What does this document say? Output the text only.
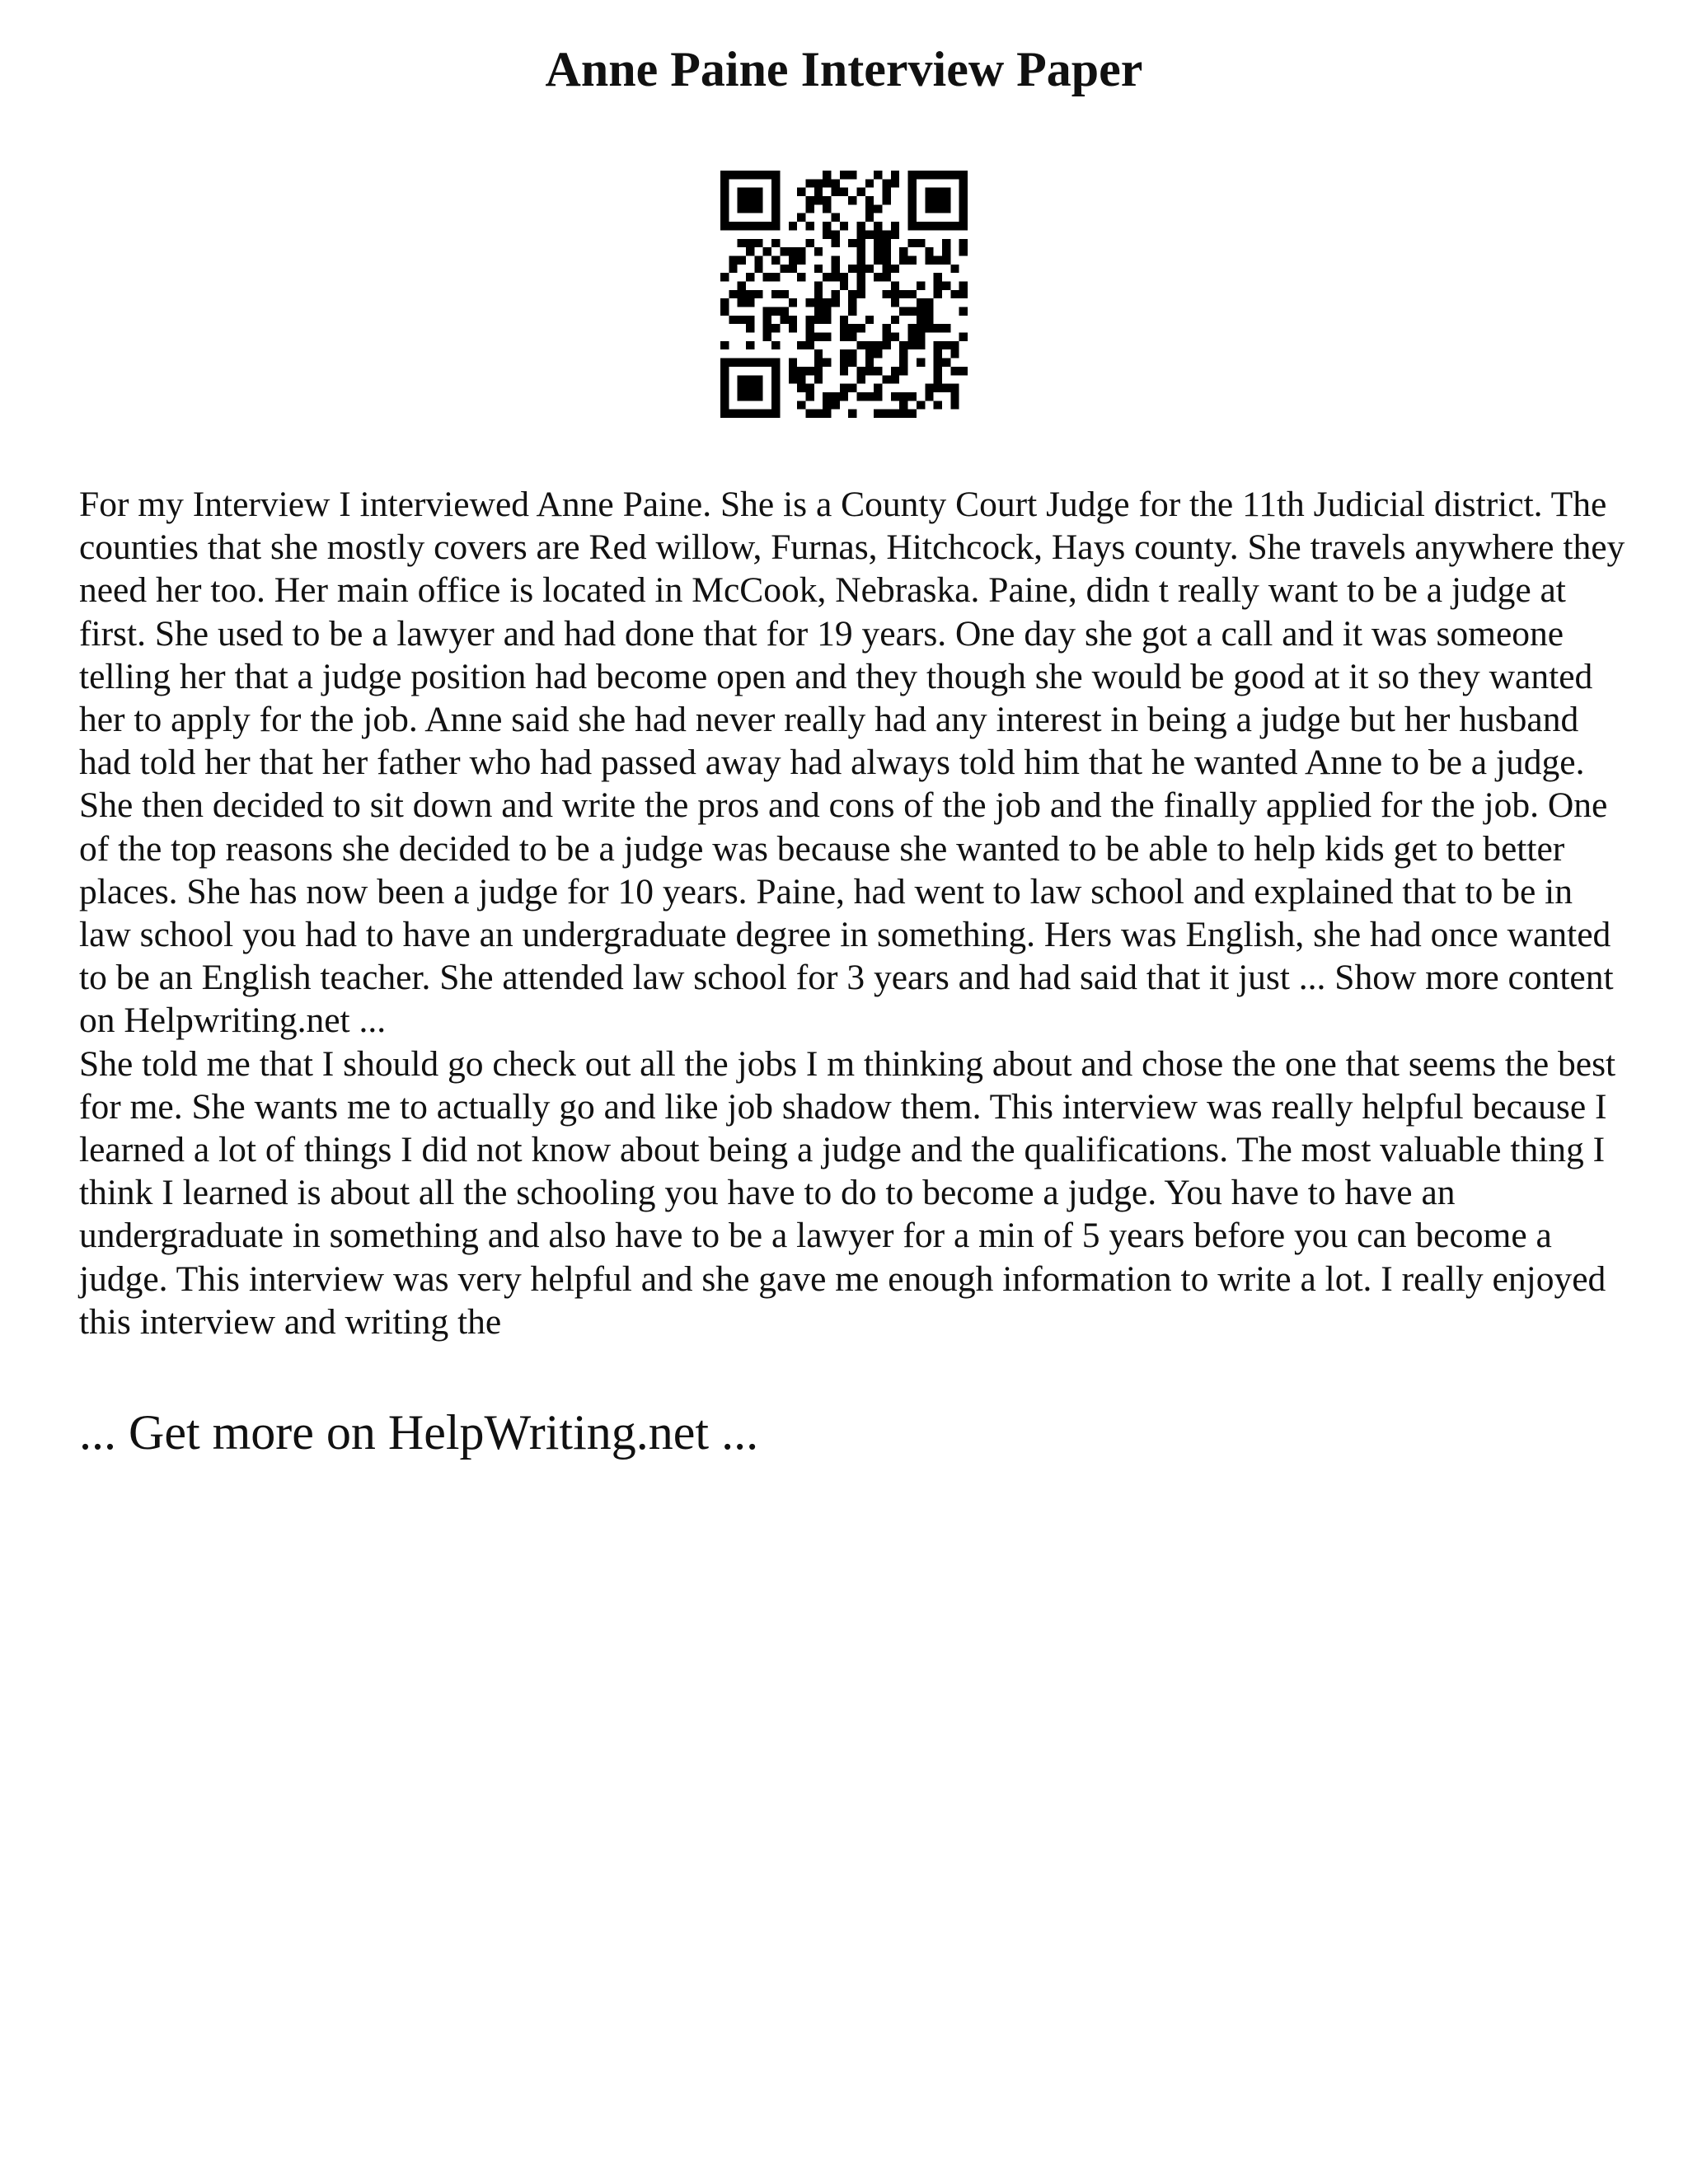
Anne Paine Interview Paper

For my Interview I interviewed Anne Paine. She is a County Court Judge for the 11th Judicial district. The counties that she mostly covers are Red willow, Furnas, Hitchcock, Hays county. She travels anywhere they need her too. Her main office is located in McCook, Nebraska. Paine, didn t really want to be a judge at first. She used to be a lawyer and had done that for 19 years. One day she got a call and it was someone telling her that a judge position had become open and they though she would be good at it so they wanted her to apply for the job. Anne said she had never really had any interest in being a judge but her husband had told her that her father who had passed away had always told him that he wanted Anne to be a judge. She then decided to sit down and write the pros and cons of the job and the finally applied for the job. One of the top reasons she decided to be a judge was because she wanted to be able to help kids get to better places. She has now been a judge for 10 years. Paine, had went to law school and explained that to be in law school you had to have an undergraduate degree in something. Hers was English, she had once wanted to be an English teacher. She attended law school for 3 years and had said that it just ... Show more content on Helpwriting.net ...

She told me that I should go check out all the jobs I m thinking about and chose the one that seems the best for me. She wants me to actually go and like job shadow them. This interview was really helpful because I learned a lot of things I did not know about being a judge and the qualifications. The most valuable thing I think I learned is about all the schooling you have to do to become a judge. You have to have an undergraduate in something and also have to be a lawyer for a min of 5 years before you can become a judge. This interview was very helpful and she gave me enough information to write a lot. I really enjoyed this interview and writing the

... Get more on HelpWriting.net ...
